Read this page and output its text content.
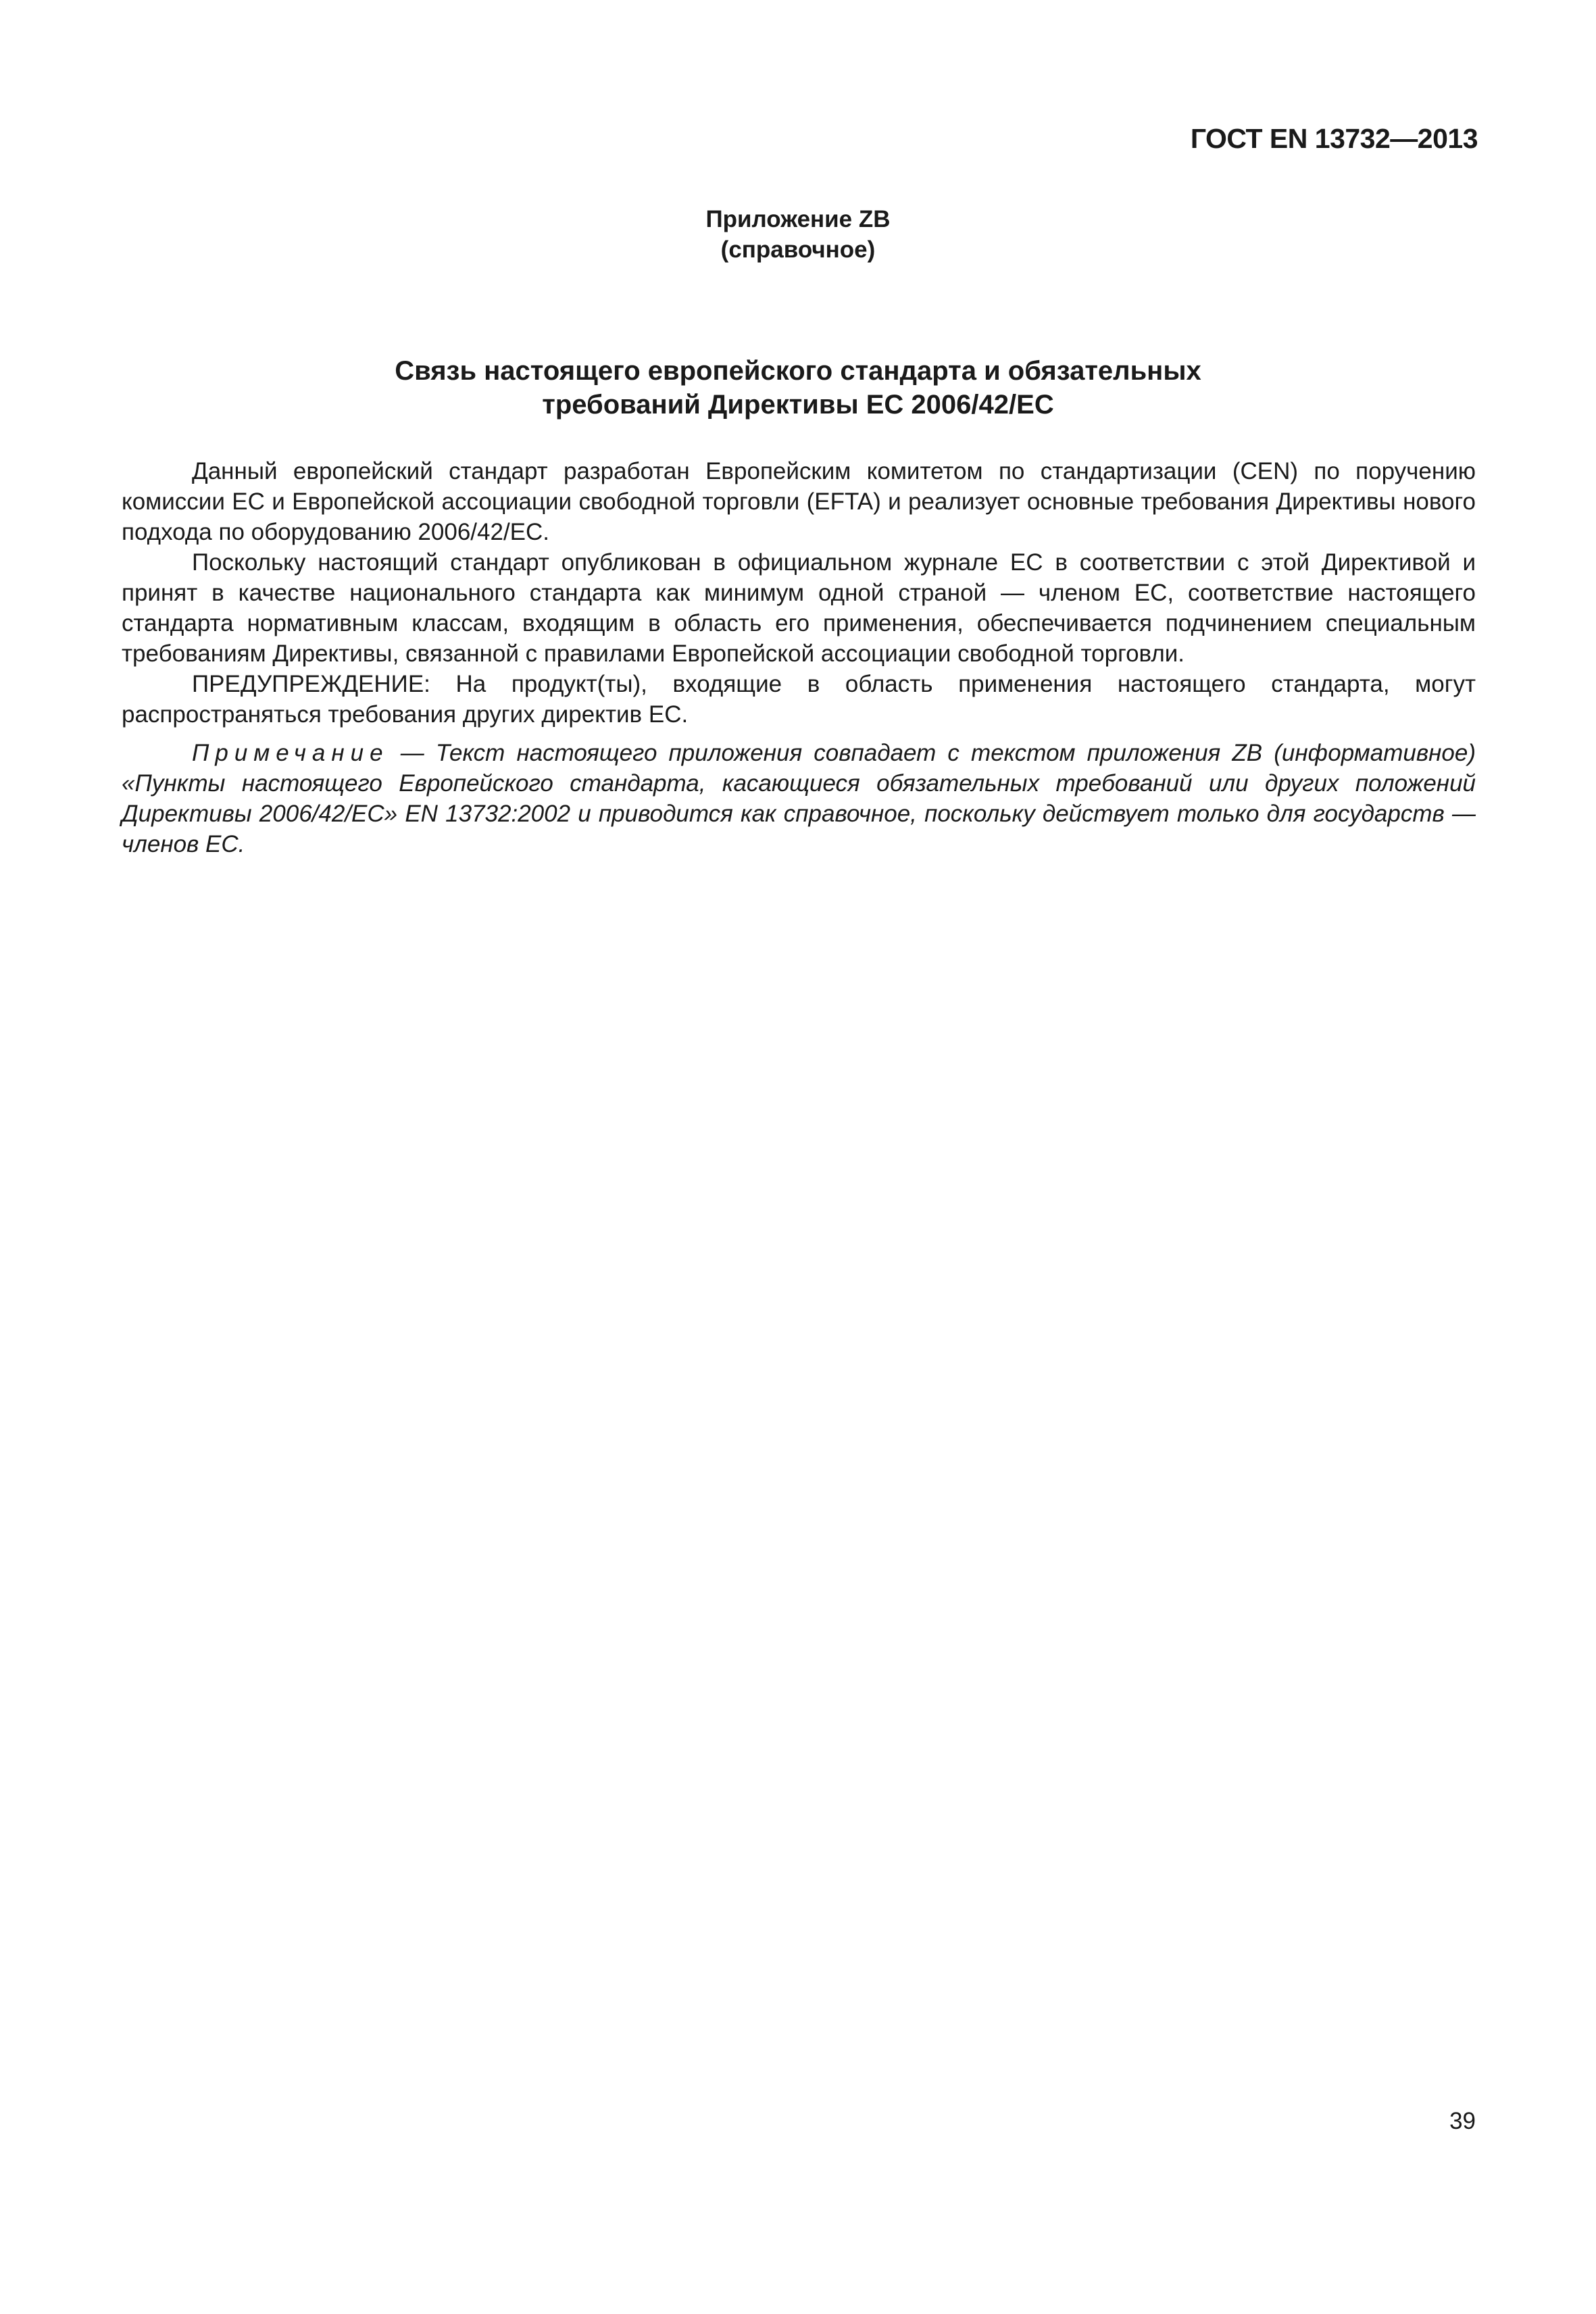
ГОСТ EN 13732—2013
Приложение ZB
(справочное)
Связь настоящего европейского стандарта и обязательных
требований Директивы ЕС 2006/42/ЕС

Данный европейский стандарт разработан Европейским комитетом по стандартизации (CEN) по поручению комиссии ЕС и Европейской ассоциации свободной торговли (EFTA) и реализует основные требования Директивы нового подхода по оборудованию 2006/42/ЕС.

Поскольку настоящий стандарт опубликован в официальном журнале ЕС в соответствии с этой Директивой и принят в качестве национального стандарта как минимум одной страной — членом ЕС, соответствие настоящего стандарта нормативным классам, входящим в область его применения, обеспечивается подчинением специальным требованиям Директивы, связанной с правилами Европейской ассоциации свободной торговли.

ПРЕДУПРЕЖДЕНИЕ: На продукт(ты), входящие в область применения настоящего стандарта, могут распространяться требования других директив ЕС.

Примечание — Текст настоящего приложения совпадает с текстом приложения ZB (информативное) «Пункты настоящего Европейского стандарта, касающиеся обязательных требований или других положений Директивы 2006/42/ЕС» EN 13732:2002 и приводится как справочное, поскольку действует только для государств — членов ЕС.

39
